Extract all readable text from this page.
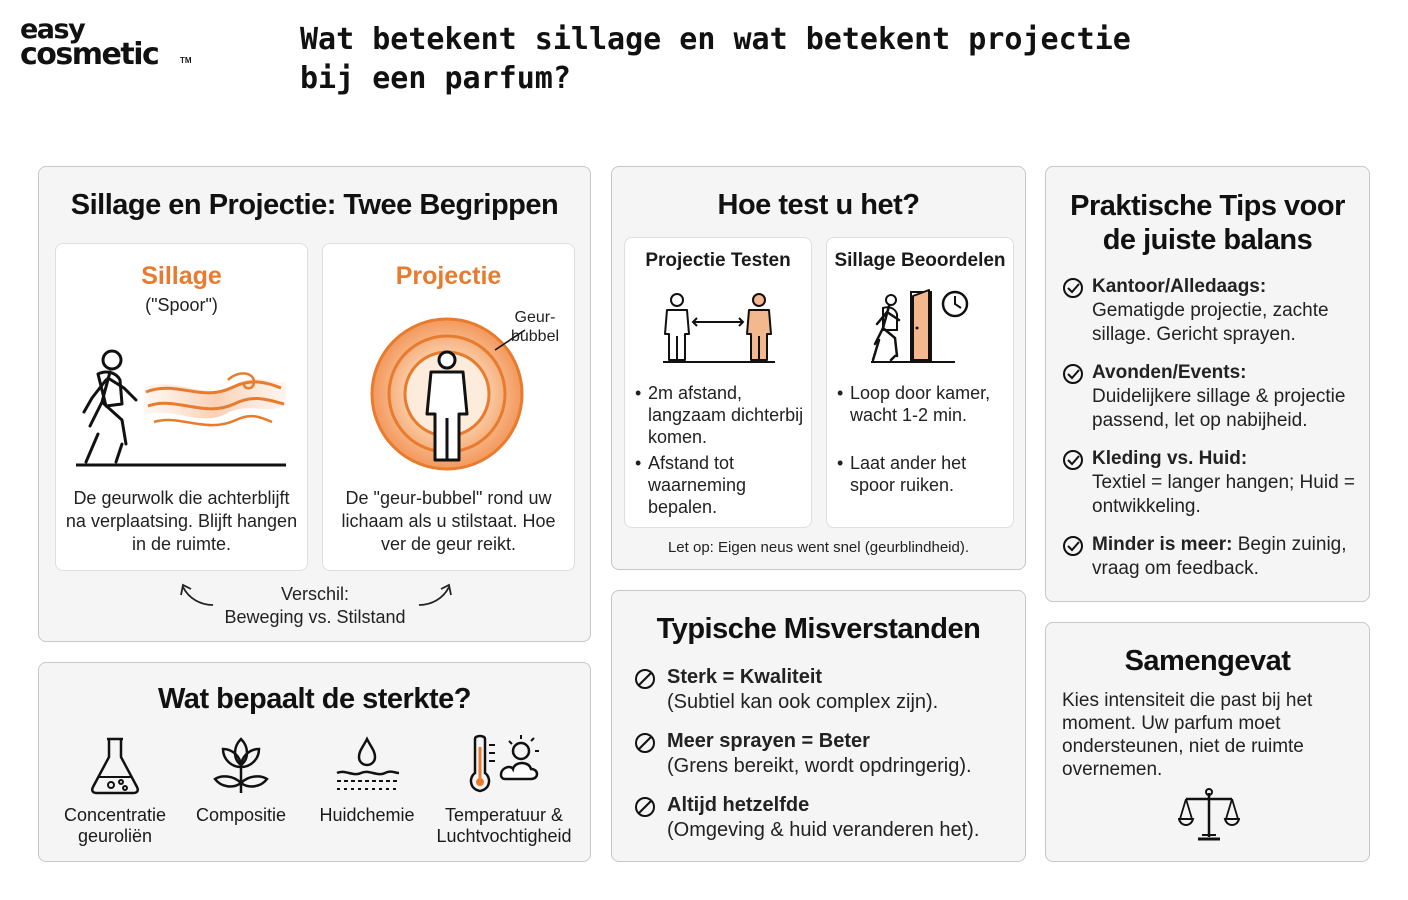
easy
cosmetic	TM
Wat betekent sillage en wat betekent projectie bij een parfum?
Sillage en Projectie: Twee Begrippen
Sillage
("Spoor")
De geurwolk die achterblijft na verplaatsing. Blijft hangen in de ruimte.
Projectie
Geur-
bubbel
De "geur-bubbel" rond uw lichaam als u stilstaat. Hoe ver de geur reikt.
Verschil:
Beweging vs. Stilstand
Wat bepaalt de sterkte?
Concentratie
geuroliën
Compositie	Huidchemie	Temperatuur &
Luchtvochtigheid
Hoe test u het?
Projectie Testen
• 2m afstand, langzaam dichterbij komen.
• Afstand tot waarneming bepalen.
Sillage Beoordelen
• Loop door kamer, wacht 1-2 min.
• Laat ander het spoor ruiken.
Let op: Eigen neus went snel (geurblindheid).
Typische Misverstanden
Sterk = Kwaliteit
(Subtiel kan ook complex zijn).
Meer sprayen = Beter
(Grens bereikt, wordt opdringerig).
Altijd hetzelfde
(Omgeving & huid veranderen het).
Praktische Tips voor de juiste balans
Kantoor/Alledaags:
Gematigde projectie, zachte sillage. Gericht sprayen.
Avonden/Events:
Duidelijkere sillage & projectie passend, let op nabijheid.
Kleding vs. Huid:
Textiel = langer hangen; Huid = ontwikkeling.
Minder is meer: Begin zuinig, vraag om feedback.
Samengevat
Kies intensiteit die past bij het moment. Uw parfum moet ondersteunen, niet de ruimte overnemen.
